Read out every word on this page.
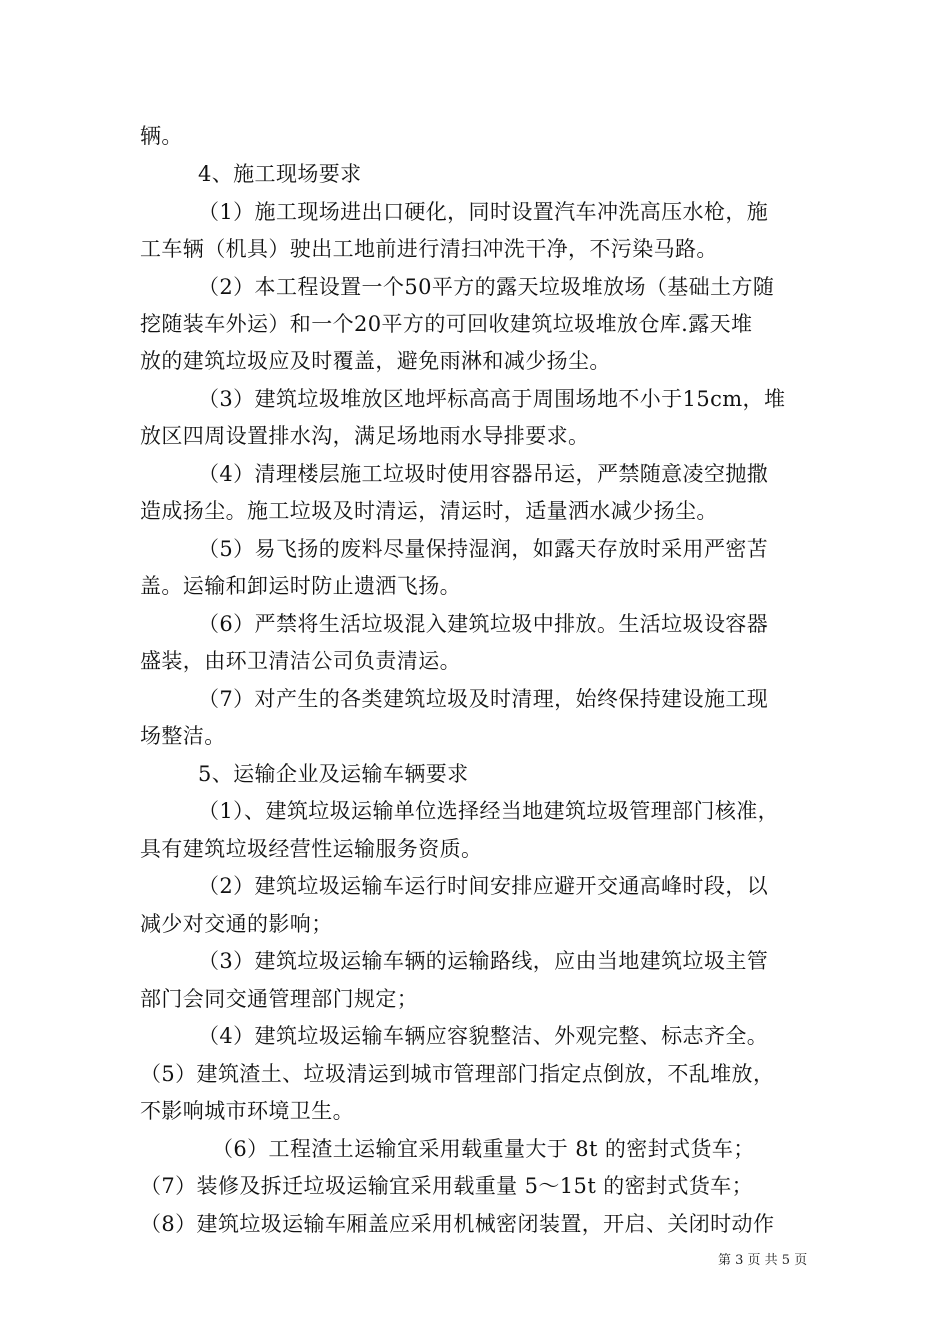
辆。
4、施工现场要求
（1）施工现场进出口硬化，同时设置汽车冲洗高压水枪，施
工车辆（机具）驶出工地前进行清扫冲洗干净，不污染马路。
（2）本工程设置一个50平方的露天垃圾堆放场（基础土方随
挖随装车外运）和一个20平方的可回收建筑垃圾堆放仓库.露天堆
放的建筑垃圾应及时覆盖，避免雨淋和减少扬尘。
（3）建筑垃圾堆放区地坪标高高于周围场地不小于15cm，堆
放区四周设置排水沟，满足场地雨水导排要求。
（4）清理楼层施工垃圾时使用容器吊运，严禁随意凌空抛撒
造成扬尘。施工垃圾及时清运，清运时，适量洒水减少扬尘。
（5）易飞扬的废料尽量保持湿润，如露天存放时采用严密苫
盖。运输和卸运时防止遗洒飞扬。
（6）严禁将生活垃圾混入建筑垃圾中排放。生活垃圾设容器
盛装，由环卫清洁公司负责清运。
（7）对产生的各类建筑垃圾及时清理，始终保持建设施工现
场整洁。
5、运输企业及运输车辆要求
（1）、建筑垃圾运输单位选择经当地建筑垃圾管理部门核准，
具有建筑垃圾经营性运输服务资质。
（2）建筑垃圾运输车运行时间安排应避开交通高峰时段，以
减少对交通的影响；
（3）建筑垃圾运输车辆的运输路线，应由当地建筑垃圾主管
部门会同交通管理部门规定；
（4）建筑垃圾运输车辆应容貌整洁、外观完整、标志齐全。
（5）建筑渣土、垃圾清运到城市管理部门指定点倒放，不乱堆放，
不影响城市环境卫生。
（6）工程渣土运输宜采用载重量大于 8t 的密封式货车；
（7）装修及拆迁垃圾运输宜采用载重量 5～15t 的密封式货车；
（8）建筑垃圾运输车厢盖应采用机械密闭装置，开启、关闭时动作
第 3 页 共 5 页
